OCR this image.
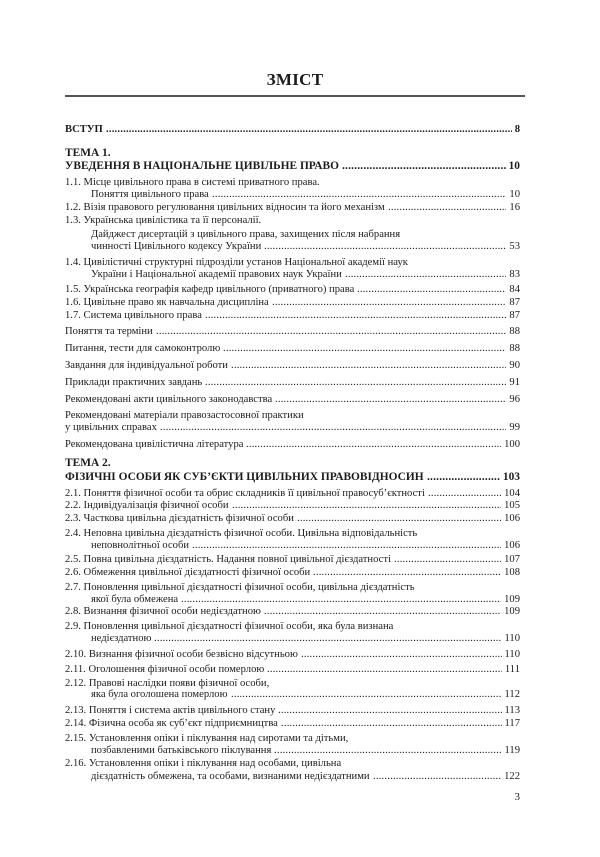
ЗМІСТ
ВСТУП	8
.....
ТЕМА 1.
УВЕДЕННЯ В НАЦІОНАЛЬНЕ ЦИВІЛЬНЕ ПРАВО	10
.....
1.1. Місце цивільного права в системі приватного права.
Поняття цивільного права	10
.....
1.2. Візія правового регулювання цивільних відносин та його механізм	16
.....
1.3. Українська цивілістика та її персоналії.
Дайджест дисертацій з цивільного права, захищених після набрання
чинності Цивільного кодексу України	53
.....
1.4. Цивілістичні структурні підрозділи установ Національної академії наук
України і Національної академії правових наук України	83
.....
1.5. Українська географія кафедр цивільного (приватного) права	84
.....
1.6. Цивільне право як навчальна дисципліна	87
.....
1.7. Система цивільного права	87
.....
Поняття та терміни	88
.....
Питання, тести для самоконтролю	88
.....
Завдання для індивідуальної роботи	90
.....
Приклади практичних завдань	91
.....
Рекомендовані акти цивільного законодавства	96
.....
Рекомендовані матеріали правозастосовної практики
у цивільних справах	99
.....
Рекомендована цивілістична література	100
.....
ТЕМА 2.
ФІЗИЧНІ ОСОБИ ЯК СУБ’ЄКТИ ЦИВІЛЬНИХ ПРАВОВІДНОСИН	103
.....
2.1. Поняття фізичної особи та обрис складників її цивільної правосуб’єктності	104
.....
2.2. Індивідуалізація фізичної особи	105
.....
2.3. Часткова цивільна дієздатність фізичної особи	106
.....
2.4. Неповна цивільна дієздатність фізичної особи. Цивільна відповідальність
неповнолітньої особи	106
.....
2.5. Повна цивільна дієздатність. Надання повної цивільної дієздатності	107
.....
2.6. Обмеження цивільної дієздатності фізичної особи	108
.....
2.7. Поновлення цивільної дієздатності фізичної особи, цивільна дієздатність
якої була обмежена	109
.....
2.8. Визнання фізичної особи недієздатною	109
.....
2.9. Поновлення цивільної дієздатності фізичної особи, яка була визнана
недієздатною	110
.....
2.10. Визнання фізичної особи безвісно відсутньою	110
.....
2.11. Оголошення фізичної особи померлою	111
.....
2.12. Правові наслідки появи фізичної особи,
яка була оголошена померлою	112
.....
2.13. Поняття і система актів цивільного стану	113
.....
2.14. Фізична особа як суб’єкт підприємництва	117
.....
2.15. Установлення опіки і піклування над сиротами та дітьми,
позбавленими батьківського піклування	119
.....
2.16. Установлення опіки і піклування над особами, цивільна
дієздатність обмежена, та особами, визнаними недієздатними	122
.....
3
